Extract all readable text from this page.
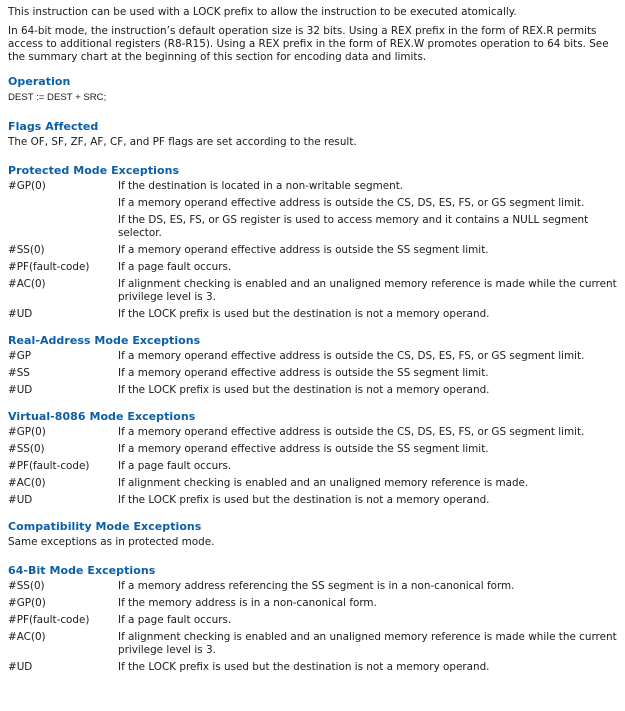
This instruction can be used with a LOCK prefix to allow the instruction to be executed atomically.

In 64-bit mode, the instruction’s default operation size is 32 bits. Using a REX prefix in the form of REX.R permits access to additional registers (R8-R15). Using a REX prefix in the form of REX.W promotes operation to 64 bits. See the summary chart at the beginning of this section for encoding data and limits.

Operation
DEST := DEST + SRC;
Flags Affected

The OF, SF, ZF, AF, CF, and PF flags are set according to the result.

Protected Mode Exceptions
#GP(0)	If the destination is located in a non-writable segment.
If a memory operand effective address is outside the CS, DS, ES, FS, or GS segment limit.
If the DS, ES, FS, or GS register is used to access memory and it contains a NULL segment selector.
#SS(0)	If a memory operand effective address is outside the SS segment limit.
#PF(fault-code)	If a page fault occurs.
#AC(0)	If alignment checking is enabled and an unaligned memory reference is made while the current privilege level is 3.
#UD	If the LOCK prefix is used but the destination is not a memory operand.
Real-Address Mode Exceptions
#GP	If a memory operand effective address is outside the CS, DS, ES, FS, or GS segment limit.
#SS	If a memory operand effective address is outside the SS segment limit.
#UD	If the LOCK prefix is used but the destination is not a memory operand.
Virtual-8086 Mode Exceptions
#GP(0)	If a memory operand effective address is outside the CS, DS, ES, FS, or GS segment limit.
#SS(0)	If a memory operand effective address is outside the SS segment limit.
#PF(fault-code)	If a page fault occurs.
#AC(0)	If alignment checking is enabled and an unaligned memory reference is made.
#UD	If the LOCK prefix is used but the destination is not a memory operand.
Compatibility Mode Exceptions

Same exceptions as in protected mode.

64-Bit Mode Exceptions
#SS(0)	If a memory address referencing the SS segment is in a non-canonical form.
#GP(0)	If the memory address is in a non-canonical form.
#PF(fault-code)	If a page fault occurs.
#AC(0)	If alignment checking is enabled and an unaligned memory reference is made while the current privilege level is 3.
#UD	If the LOCK prefix is used but the destination is not a memory operand.
